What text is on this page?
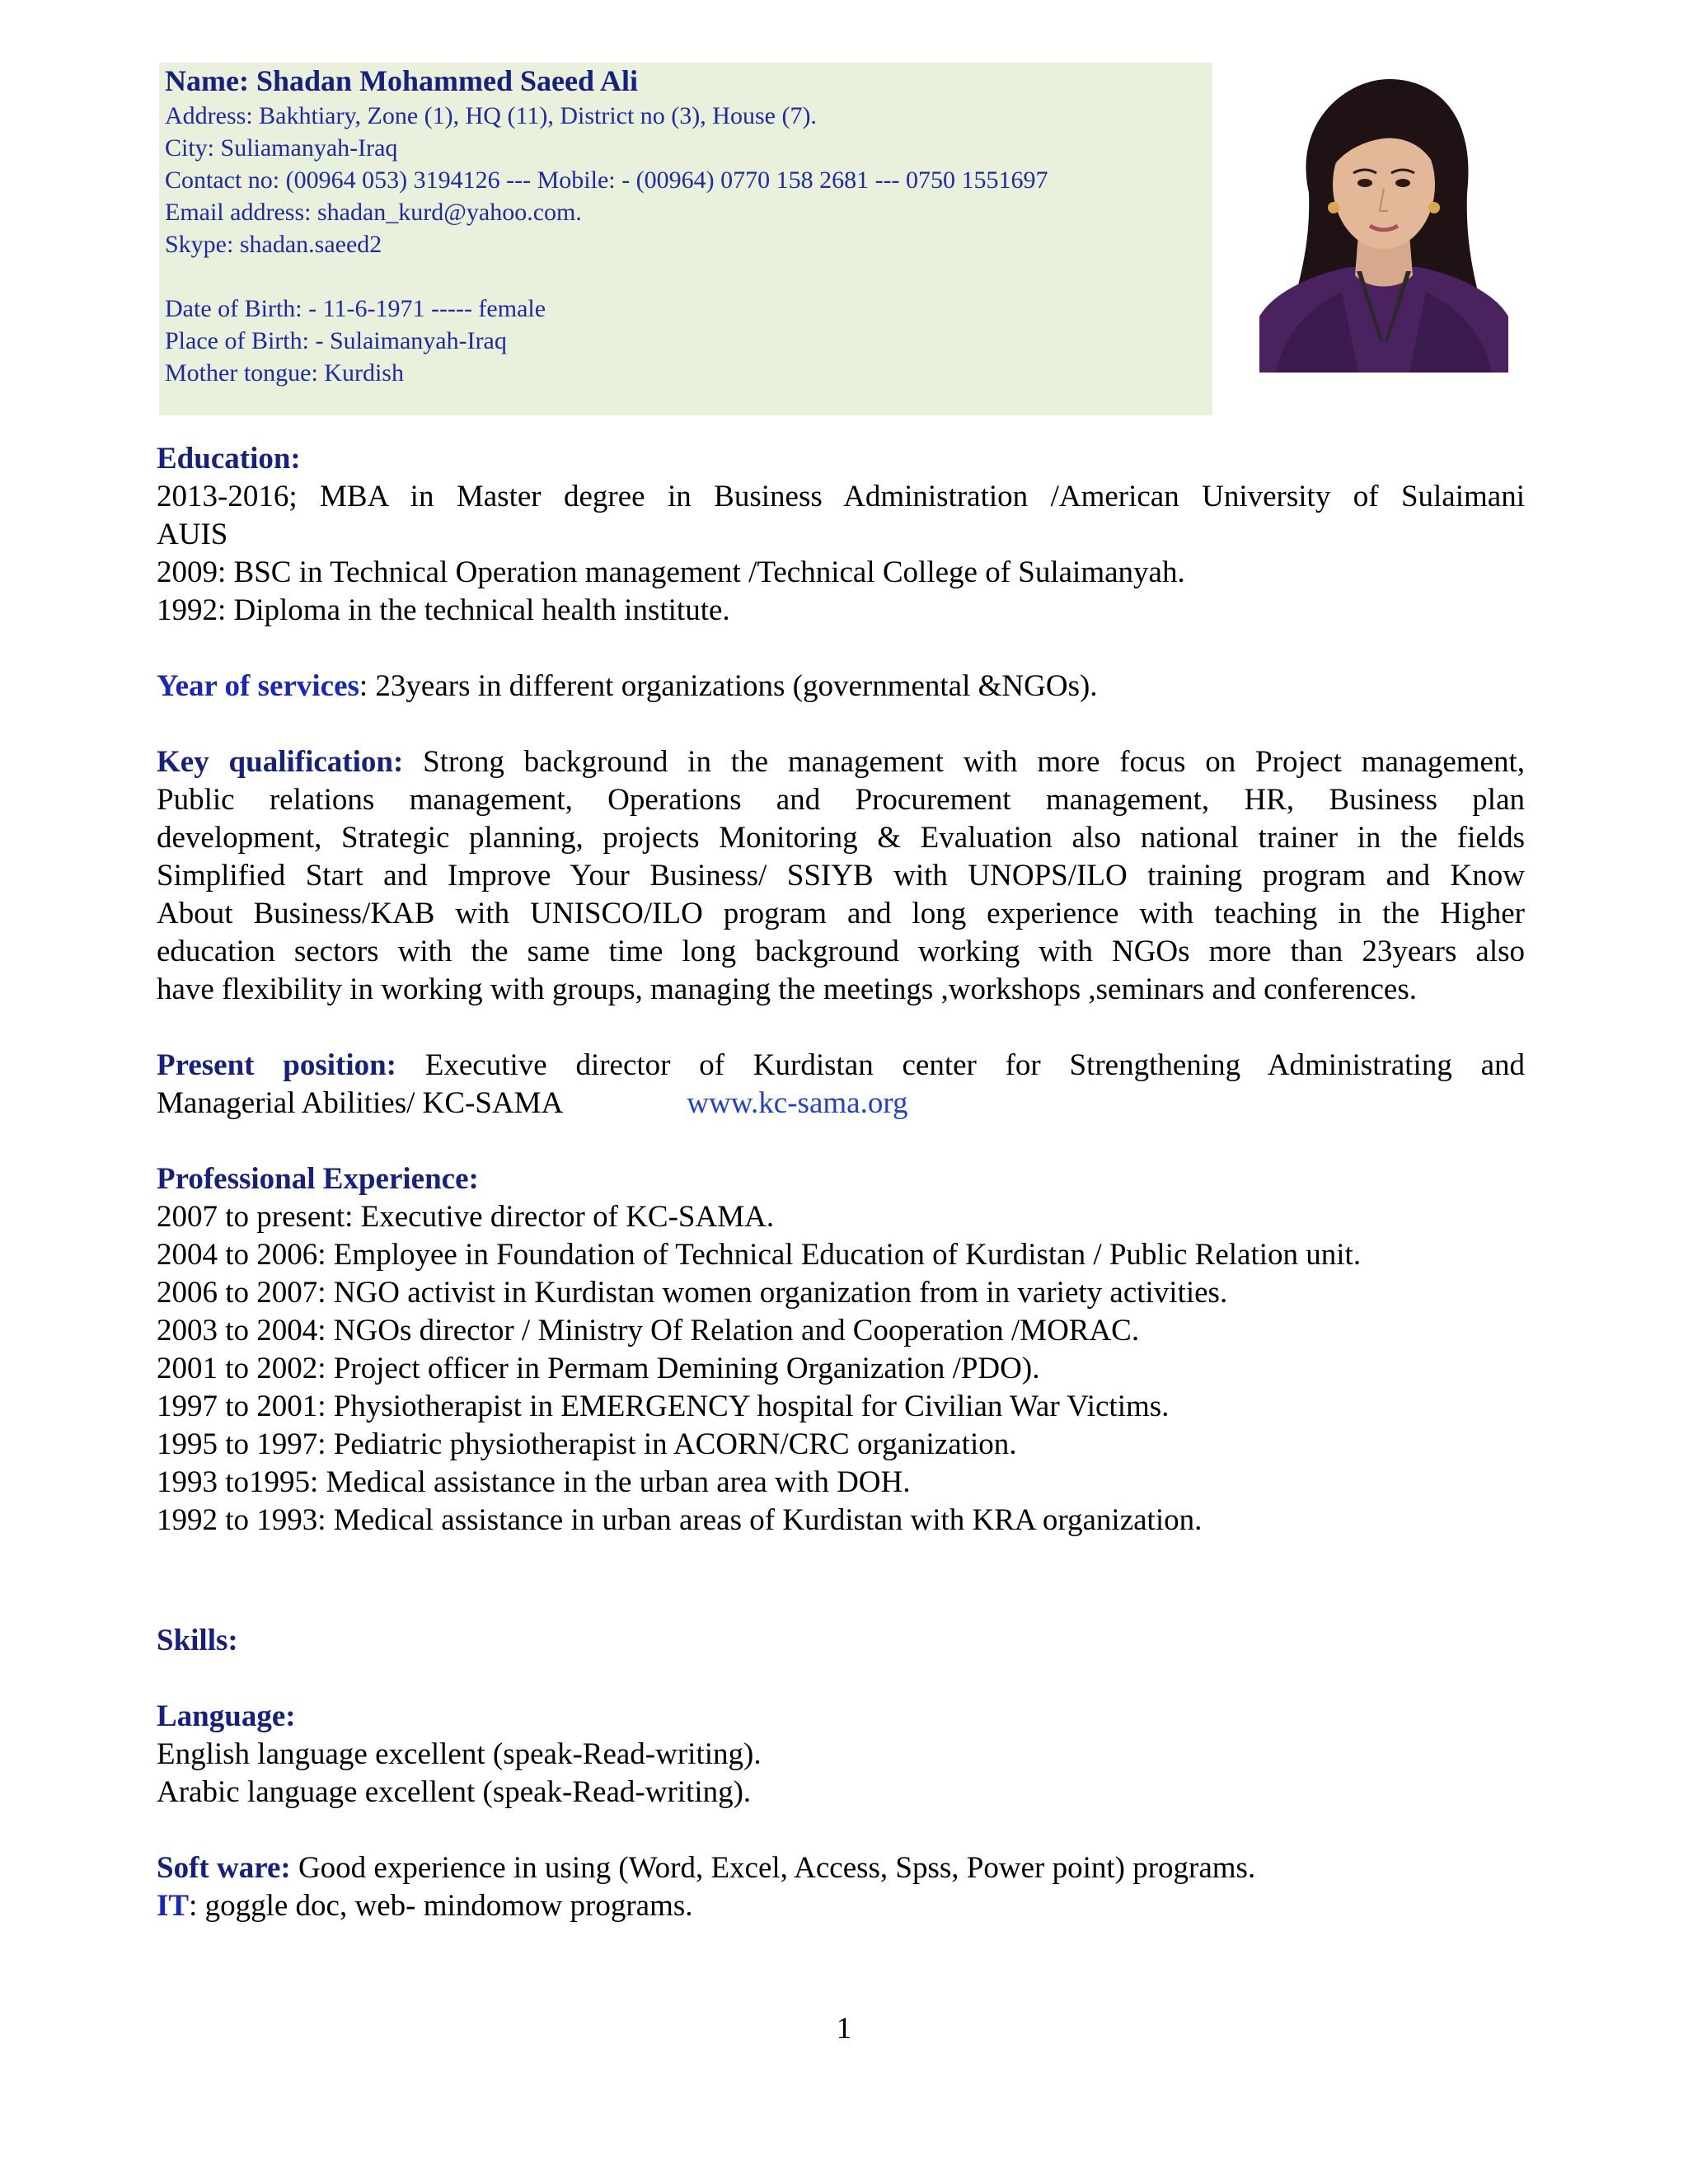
Name: Shadan Mohammed Saeed Ali
Address: Bakhtiary, Zone (1), HQ (11), District no (3), House (7).
City: Suliamanyah-Iraq
Contact no: (00964 053) 3194126 --- Mobile: - (00964) 0770 158 2681 --- 0750 1551697
Email address: shadan_kurd@yahoo.com.
Skype: shadan.saeed2
Date of Birth: - 11-6-1971 ----- female
Place of Birth: - Sulaimanyah-Iraq
Mother tongue: Kurdish
Education:
2013-2016; MBA in Master degree in Business Administration /American University of Sulaimani
AUIS
2009: BSC in Technical Operation management /Technical College of Sulaimanyah.
1992: Diploma in the technical health institute.
Year of services: 23years in different organizations (governmental &NGOs).
Key qualification: Strong background in the management with more focus on Project management,
Public relations management, Operations and Procurement management, HR, Business plan
development, Strategic planning, projects Monitoring & Evaluation also national trainer in the fields
Simplified Start and Improve Your Business/ SSIYB with UNOPS/ILO training program and Know
About Business/KAB with UNISCO/ILO program and long experience with teaching in the Higher
education sectors with the same time long background working with NGOs more than 23years also
have flexibility in working with groups, managing the meetings ,workshops ,seminars and conferences.
Present position: Executive director of Kurdistan center for Strengthening Administrating and
Managerial Abilities/ KC-SAMA	www.kc-sama.org
Professional Experience:
2007 to present: Executive director of KC-SAMA.
2004 to 2006: Employee in Foundation of Technical Education of Kurdistan / Public Relation unit.
2006 to 2007: NGO activist in Kurdistan women organization from in variety activities.
2003 to 2004: NGOs director / Ministry Of Relation and Cooperation /MORAC.
2001 to 2002: Project officer in Permam Demining Organization /PDO).
1997 to 2001: Physiotherapist in EMERGENCY hospital for Civilian War Victims.
1995 to 1997: Pediatric physiotherapist in ACORN/CRC organization.
1993 to1995: Medical assistance in the urban area with DOH.
1992 to 1993: Medical assistance in urban areas of Kurdistan with KRA organization.
Skills:
Language:
English language excellent (speak-Read-writing).
Arabic language excellent (speak-Read-writing).
Soft ware: Good experience in using (Word, Excel, Access, Spss, Power point) programs.
IT: goggle doc, web- mindomow programs.
1
